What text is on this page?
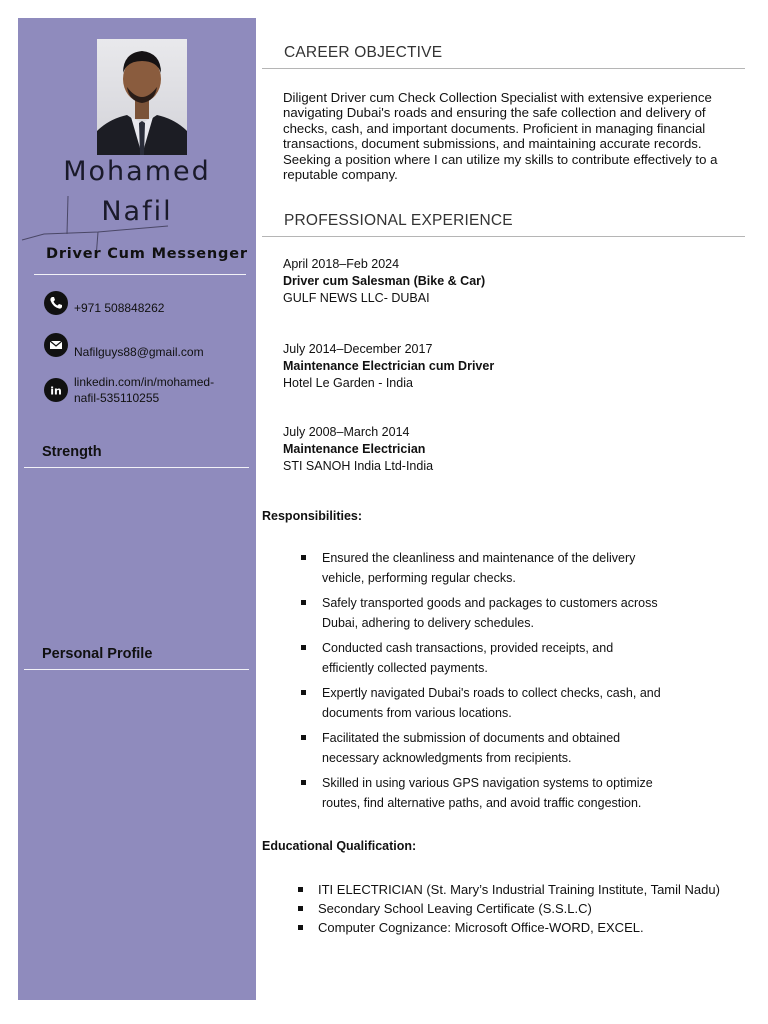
Mohamed
Nafil
Driver Cum Messenger
+971 508848262
Nafilguys88@gmail.com
in
linkedin.com/in/mohamed-
nafil-535110255
Strength
Personal Profile
CAREER OBJECTIVE
Diligent Driver cum Check Collection Specialist with extensive experience navigating Dubai's roads and ensuring the safe collection and delivery of checks, cash, and important documents. Proficient in managing financial transactions, document submissions, and maintaining accurate records. Seeking a position where I can utilize my skills to contribute effectively to a reputable company.
PROFESSIONAL EXPERIENCE
April 2018–Feb 2024
Driver cum Salesman (Bike & Car)
GULF NEWS LLC- DUBAI
July 2014–December 2017
Maintenance Electrician cum Driver
Hotel Le Garden - India
July 2008–March 2014
Maintenance Electrician
STI SANOH India Ltd-India
Responsibilities:
Ensured the cleanliness and maintenance of the delivery
vehicle, performing regular checks.
Safely transported goods and packages to customers across
Dubai, adhering to delivery schedules.
Conducted cash transactions, provided receipts, and
efficiently collected payments.
Expertly navigated Dubai's roads to collect checks, cash, and
documents from various locations.
Facilitated the submission of documents and obtained
necessary acknowledgments from recipients.
Skilled in using various GPS navigation systems to optimize
routes, find alternative paths, and avoid traffic congestion.
Educational Qualification:
ITI ELECTRICIAN (St. Mary’s Industrial Training Institute, Tamil Nadu)
Secondary School Leaving Certificate (S.S.L.C)
Computer Cognizance: Microsoft Office-WORD, EXCEL.
